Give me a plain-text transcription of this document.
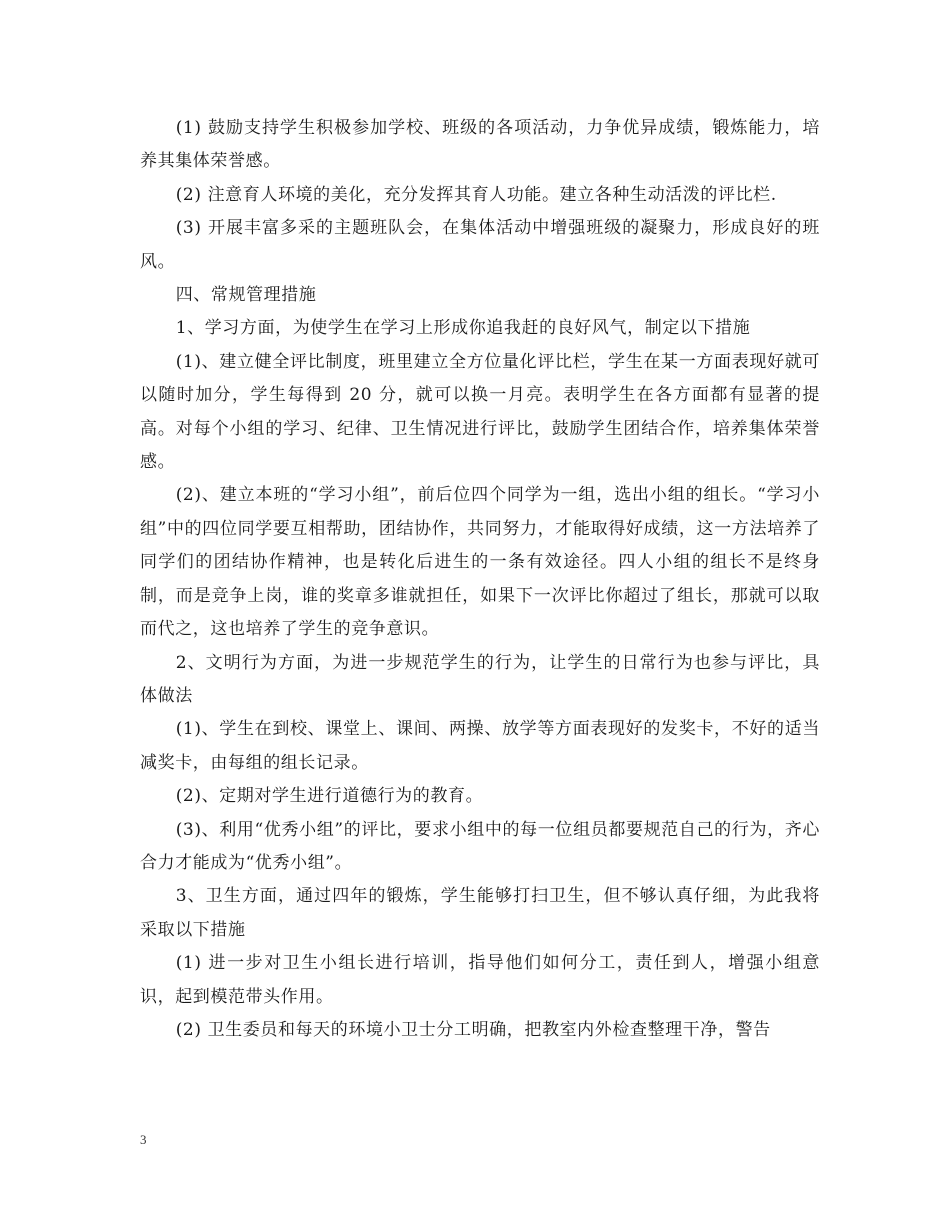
(1) 鼓励支持学生积极参加学校、班级的各项活动，力争优异成绩，锻炼能力，培养其集体荣誉感。

(2) 注意育人环境的美化，充分发挥其育人功能。建立各种生动活泼的评比栏.

(3) 开展丰富多采的主题班队会，在集体活动中增强班级的凝聚力，形成良好的班风。

四、常规管理措施

1、学习方面，为使学生在学习上形成你追我赶的良好风气，制定以下措施

(1)、建立健全评比制度，班里建立全方位量化评比栏，学生在某一方面表现好就可以随时加分，学生每得到 20 分，就可以换一月亮。表明学生在各方面都有显著的提高。对每个小组的学习、纪律、卫生情况进行评比，鼓励学生团结合作，培养集体荣誉感。

(2)、建立本班的“学习小组”，前后位四个同学为一组，选出小组的组长。“学习小组”中的四位同学要互相帮助，团结协作，共同努力，才能取得好成绩，这一方法培养了同学们的团结协作精神，也是转化后进生的一条有效途径。四人小组的组长不是终身制，而是竞争上岗，谁的奖章多谁就担任，如果下一次评比你超过了组长，那就可以取而代之，这也培养了学生的竞争意识。

2、文明行为方面，为进一步规范学生的行为，让学生的日常行为也参与评比，具体做法

(1)、学生在到校、课堂上、课间、两操、放学等方面表现好的发奖卡，不好的适当减奖卡，由每组的组长记录。

(2)、定期对学生进行道德行为的教育。

(3)、利用“优秀小组”的评比，要求小组中的每一位组员都要规范自己的行为，齐心合力才能成为“优秀小组”。

3、卫生方面，通过四年的锻炼，学生能够打扫卫生，但不够认真仔细，为此我将采取以下措施

(1) 进一步对卫生小组长进行培训，指导他们如何分工，责任到人，增强小组意识，起到模范带头作用。

(2) 卫生委员和每天的环境小卫士分工明确，把教室内外检查整理干净，警告

3
